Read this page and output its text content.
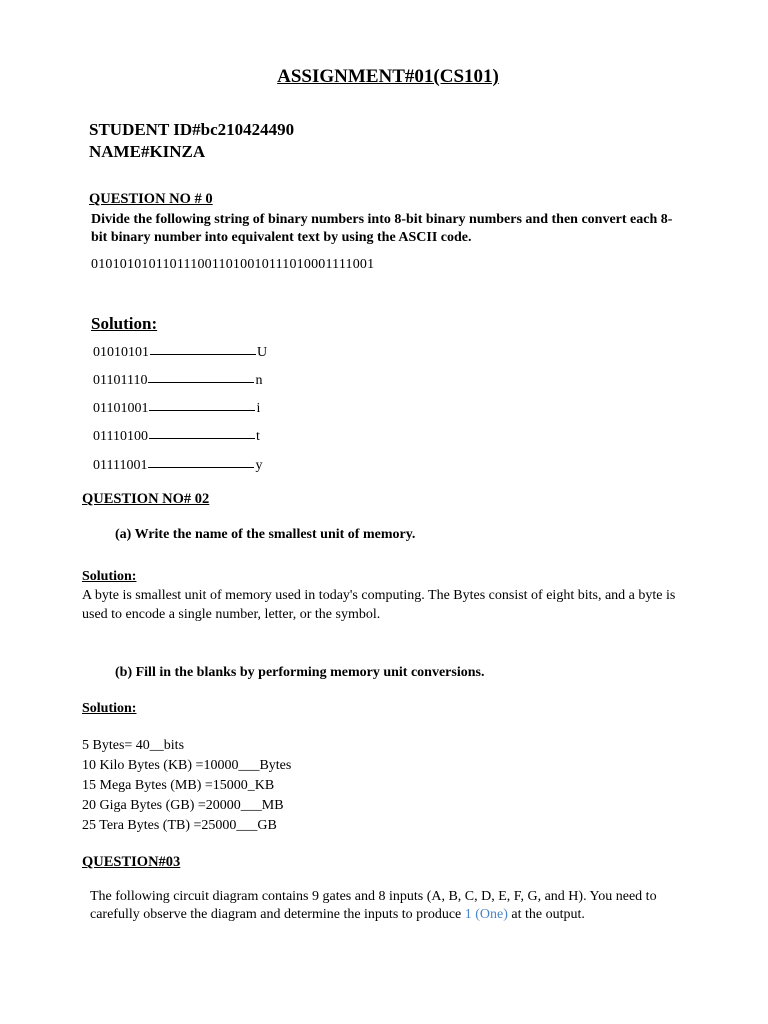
ASSIGNMENT#01(CS101)
STUDENT ID#bc210424490
NAME#KINZA
QUESTION NO # 0
Divide the following string of binary numbers into 8-bit binary numbers and then convert each 8- bit binary number into equivalent text by using the ASCII code.
0101010101101110011010010111010001111001
Solution:
01010101	U
01101110	n
01101001	i
01110100	t
01111001	y
QUESTION NO# 02
(a) Write the name of the smallest unit of memory.
Solution:
A byte is smallest unit of memory used in today's computing. The Bytes consist of eight bits, and a byte is used to encode a single number, letter, or the symbol.
(b) Fill in the blanks by performing memory unit conversions.
Solution:
5 Bytes= 40__bits
10 Kilo Bytes (KB) =10000___Bytes
15 Mega Bytes (MB) =15000_KB
20 Giga Bytes (GB) =20000___MB
25 Tera Bytes (TB) =25000___GB
QUESTION#03
The following circuit diagram contains 9 gates and 8 inputs (A, B, C, D, E, F, G, and H). You need to carefully observe the diagram and determine the inputs to produce 1 (One) at the output.
